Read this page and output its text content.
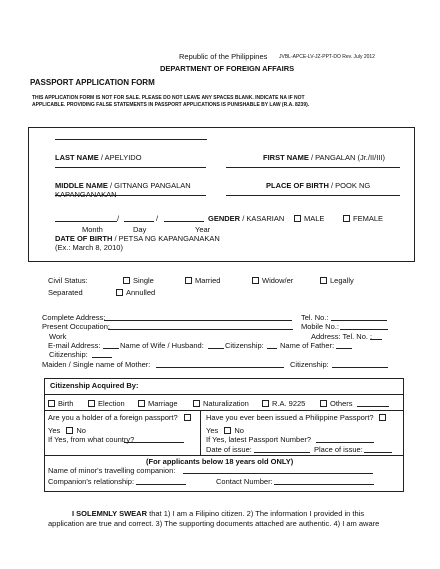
Republic of the Philippines JVBL-APCE-LV-JZ-PPT-DO Rev. July 2012
DEPARTMENT OF FOREIGN AFFAIRS
PASSPORT APPLICATION FORM
THIS APPLICATION FORM IS NOT FOR SALE. PLEASE DO NOT LEAVE ANY SPACES BLANK. INDICATE NA IF NOT
APPLICABLE. PROVIDING FALSE STATEMENTS IN PASSPORT APPLICATIONS IS PUNISHABLE BY LAW (R.A. 8239).
LAST NAME / APELYIDO	FIRST NAME / PANGALAN (Jr./II/III)
MIDDLE NAME / GITNANG PANGALAN
KAPANGANAKAN
PLACE OF BIRTH / POOK NG
/	/	GENDER / KASARIAN	MALE	FEMALE
Month	Day	Year
DATE OF BIRTH / PETSA NG KAPANGANAKAN
(Ex.: March 8, 2010)
Civil Status:	Single	Married	Widow/er	Legally
Separated	Annulled
Complete Address:	Tel. No.:
Present Occupation:	Mobile No.:
Work	Address: Tel. No. :
E-mail Address:	Name of Wife / Husband:	Citizenship: Name of Father:
Citizenship:
Maiden / Single name of Mother:	Citizenship:
Citizenship Acquired By:
Birth	Election	Marriage	Naturalization	R.A. 9225	Others
Are you a holder of a foreign passport?
Yes No
If Yes, from what country?
Have you ever been issued a Philippine Passport?
Yes No
If Yes, latest Passport Number?
Date of issue:	Place of issue:
(For applicants below 18 years old ONLY)
Name of minor's travelling companion:
Companion's relationship:	Contact Number:
I SOLEMNLY SWEAR that 1) I am a Filipino citizen. 2) The information I provided in this
application are true and correct. 3) The supporting documents attached are authentic. 4) I am aware
